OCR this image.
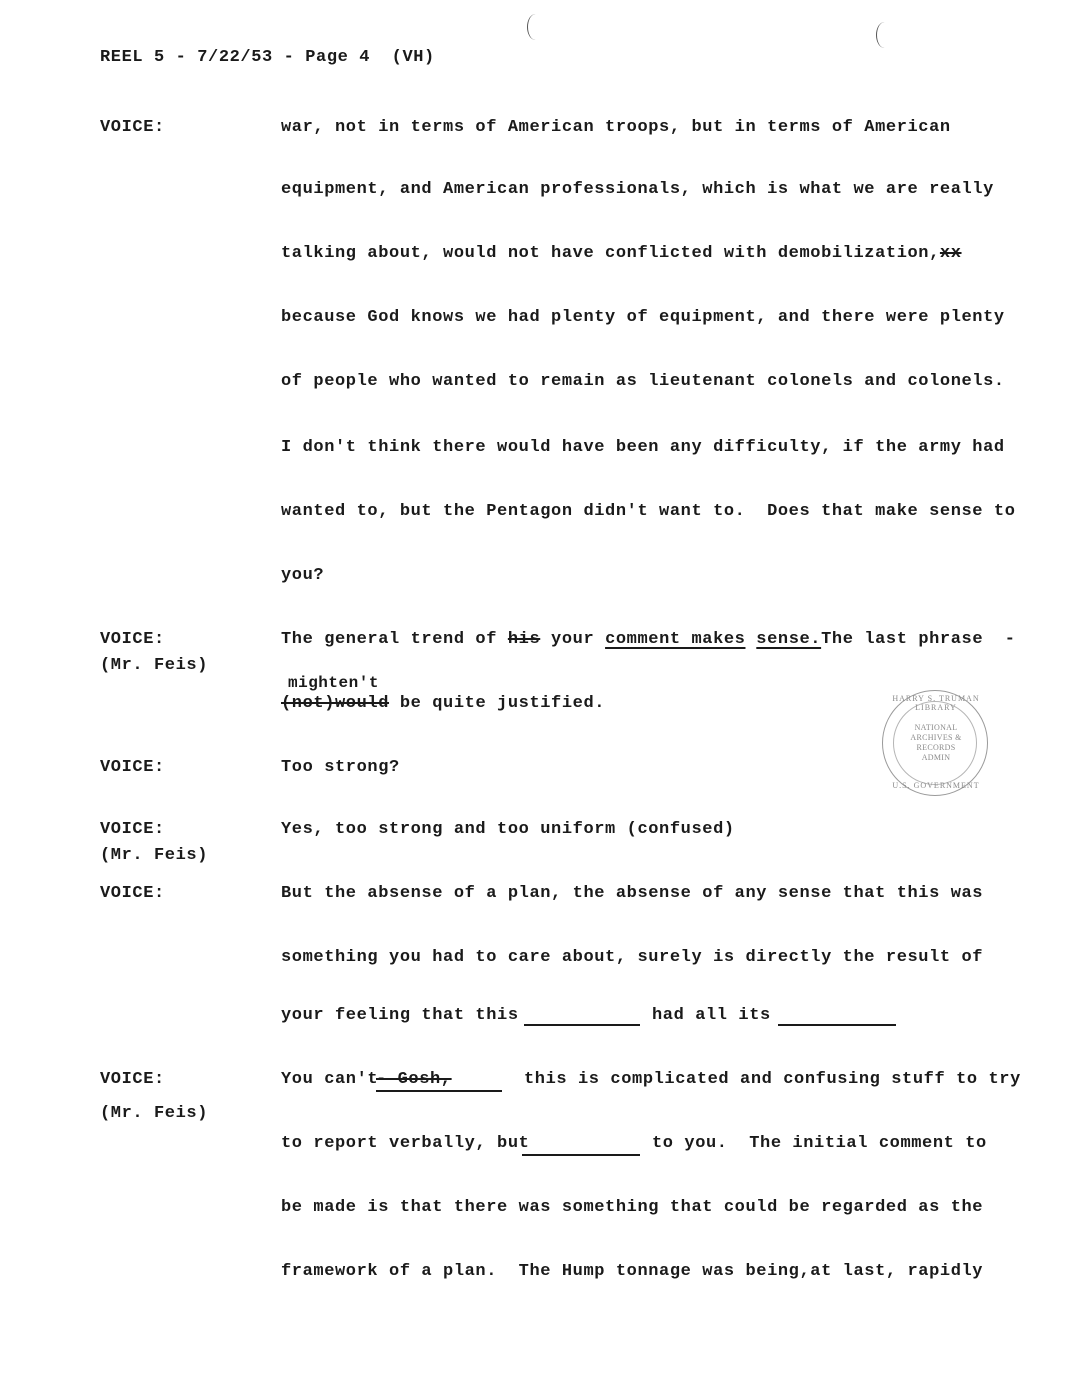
REEL 5 - 7/22/53 - Page 4  (VH)
VOICE:	war, not in terms of American troops, but in terms of American
equipment, and American professionals, which is what we are really
talking about, would not have conflicted with demobilization,xx
because God knows we had plenty of equipment, and there were plenty
of people who wanted to remain as lieutenant colonels and colonels.
I don't think there would have been any difficulty, if the army had
wanted to, but the Pentagon didn't want to.  Does that make sense to
you?
VOICE:
(Mr. Feis)
The general trend of his your comment makes sense.The last phrase  -
mighten't
(not)would be quite justified.
VOICE:	Too strong?
VOICE:
(Mr. Feis)
Yes, too strong and too uniform (confused)
VOICE:	But the absense of a plan, the absense of any sense that this was
something you had to care about, surely is directly the result of
your feeling that this	had all its
VOICE:
(Mr. Feis)
You can't
- Gosh,	this is complicated and confusing stuff to try
to report verbally, but	to you.  The initial comment to
be made is that there was something that could be regarded as the
framework of a plan.  The Hump tonnage was being,at last, rapidly
HARRY S. TRUMAN LIBRARY
NATIONAL
ARCHIVES &
RECORDS
ADMIN
U.S. GOVERNMENT
